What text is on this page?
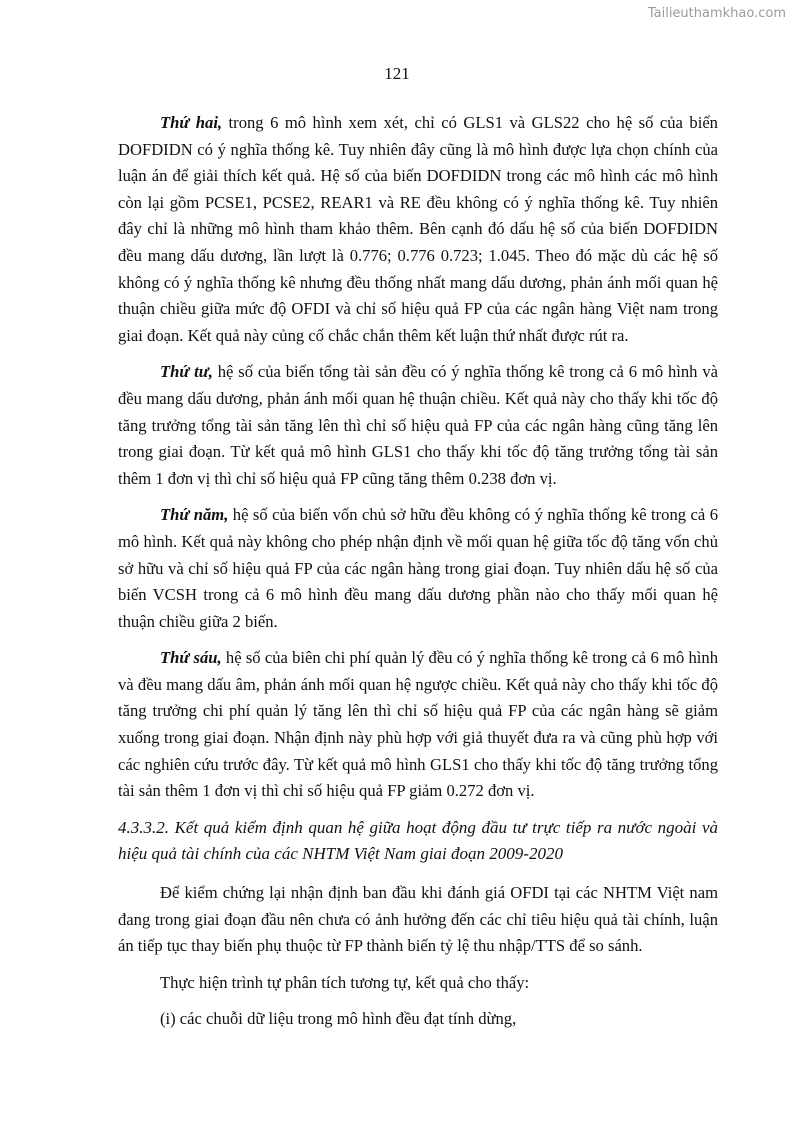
Tailieuthamkhao.com
121

Thứ hai, trong 6 mô hình xem xét, chỉ có GLS1 và GLS22 cho hệ số của biến DOFDIDN có ý nghĩa thống kê. Tuy nhiên đây cũng là mô hình được lựa chọn chính của luận án để giải thích kết quả. Hệ số của biến DOFDIDN trong các mô hình các mô hình còn lại gồm PCSE1, PCSE2, REAR1 và RE đều không có ý nghĩa thống kê. Tuy nhiên đây chỉ là những mô hình tham khảo thêm. Bên cạnh đó dấu hệ số của biến DOFDIDN đều mang dấu dương, lần lượt là 0.776; 0.776 0.723; 1.045. Theo đó mặc dù các hệ số không có ý nghĩa thống kê nhưng đều thống nhất mang dấu dương, phản ánh mối quan hệ thuận chiều giữa mức độ OFDI và chỉ số hiệu quả FP của các ngân hàng Việt nam trong giai đoạn. Kết quả này củng cố chắc chắn thêm kết luận thứ nhất được rút ra.

Thứ tư, hệ số của biến tổng tài sản đều có ý nghĩa thống kê trong cả 6 mô hình và đều mang dấu dương, phản ánh mối quan hệ thuận chiều. Kết quả này cho thấy khi tốc độ tăng trưởng tổng tài sản tăng lên thì chỉ số hiệu quả FP của các ngân hàng cũng tăng lên trong giai đoạn. Từ kết quả mô hình GLS1 cho thấy khi tốc độ tăng trưởng tổng tài sản thêm 1 đơn vị thì chỉ số hiệu quả FP cũng tăng thêm 0.238 đơn vị.

Thứ năm, hệ số của biến vốn chủ sở hữu đều không có ý nghĩa thống kê trong cả 6 mô hình. Kết quả này không cho phép nhận định về mối quan hệ giữa tốc độ tăng vốn chủ sở hữu và chỉ số hiệu quả FP của các ngân hàng trong giai đoạn. Tuy nhiên dấu hệ số của biến VCSH trong cả 6 mô hình đều mang dấu dương phần nào cho thấy mối quan hệ thuận chiều giữa 2 biến.

Thứ sáu, hệ số của biên chi phí quản lý đều có ý nghĩa thống kê trong cả 6 mô hình và đều mang dấu âm, phản ánh mối quan hệ ngược chiều. Kết quả này cho thấy khi tốc độ tăng trưởng chi phí quản lý tăng lên thì chỉ số hiệu quả FP của các ngân hàng sẽ giảm xuống trong giai đoạn. Nhận định này phù hợp với giả thuyết đưa ra và cũng phù hợp với các nghiên cứu trước đây. Từ kết quả mô hình GLS1 cho thấy khi tốc độ tăng trưởng tổng tài sản thêm 1 đơn vị thì chỉ số hiệu quả FP giảm 0.272 đơn vị.

4.3.3.2. Kết quả kiểm định quan hệ giữa hoạt động đầu tư trực tiếp ra nước ngoài và hiệu quả tài chính của các NHTM Việt Nam giai đoạn 2009-2020

Để kiểm chứng lại nhận định ban đầu khi đánh giá OFDI tại các NHTM Việt nam đang trong giai đoạn đầu nên chưa có ảnh hưởng đến các chỉ tiêu hiệu quả tài chính, luận án tiếp tục thay biến phụ thuộc từ FP thành biến tỷ lệ thu nhập/TTS để so sánh.

Thực hiện trình tự phân tích tương tự, kết quả cho thấy:

(i) các chuỗi dữ liệu trong mô hình đều đạt tính dừng,
